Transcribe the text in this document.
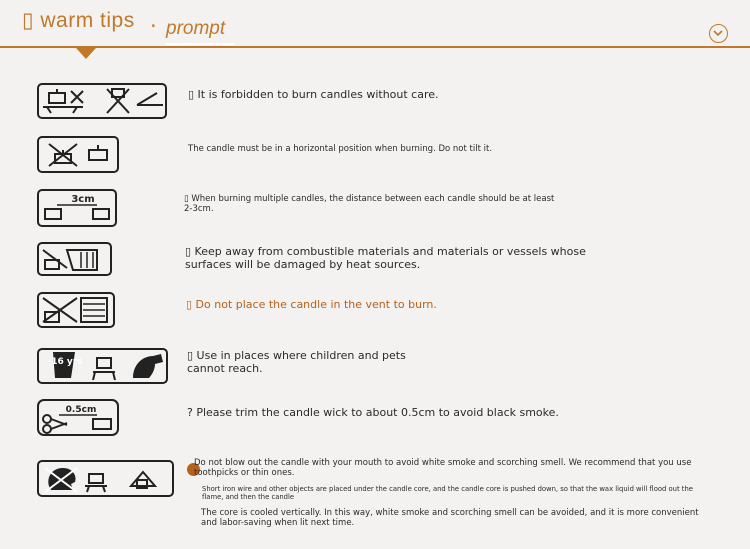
▯ warm tips . prompt
▯ It is forbidden to burn candles without care.
The candle must be in a horizontal position when burning. Do not tilt it.
3cm	▯ When burning multiple candles, the distance between each candle should be at least 2-3cm.
▯ Keep away from combustible materials and materials or vessels whose surfaces will be damaged by heat sources.
▯ Do not place the candle in the vent to burn.
-16 yrs	▯ Use in places where children and pets cannot reach.
0.5cm	? Please trim the candle wick to about 0.5cm to avoid black smoke.
Do not blow out the candle with your mouth to avoid white smoke and scorching smell. We recommend that you use toothpicks or thin ones.
Short iron wire and other objects are placed under the candle core, and the candle core is pushed down, so that the wax liquid will flood out the flame, and then the candle
The core is cooled vertically. In this way, white smoke and scorching smell can be avoided, and it is more convenient and labor-saving when lit next time.
